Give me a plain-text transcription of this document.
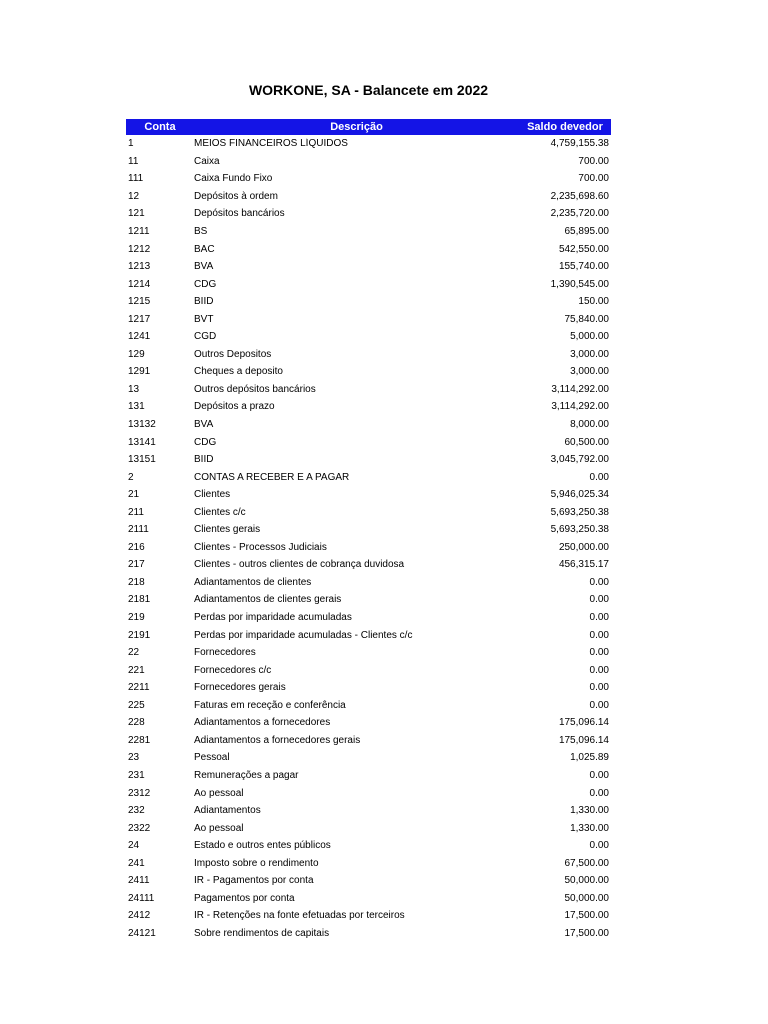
WORKONE, SA - Balancete em 2022
Conta	Descrição	Saldo devedor
1	MEIOS FINANCEIROS LÍQUIDOS	4,759,155.38
11	Caixa	700.00
111	Caixa Fundo Fixo	700.00
12	Depósitos à ordem	2,235,698.60
121	Depósitos bancários	2,235,720.00
1211	BS	65,895.00
1212	BAC	542,550.00
1213	BVA	155,740.00
1214	CDG	1,390,545.00
1215	BIID	150.00
1217	BVT	75,840.00
1241	CGD	5,000.00
129	Outros Depositos	3,000.00
1291	Cheques a deposito	3,000.00
13	Outros depósitos bancários	3,114,292.00
131	Depósitos a prazo	3,114,292.00
13132	BVA	8,000.00
13141	CDG	60,500.00
13151	BIID	3,045,792.00
2	CONTAS A RECEBER E A PAGAR	0.00
21	Clientes	5,946,025.34
211	Clientes c/c	5,693,250.38
2111	Clientes gerais	5,693,250.38
216	Clientes - Processos Judiciais	250,000.00
217	Clientes - outros clientes de cobrança duvidosa	456,315.17
218	Adiantamentos de clientes	0.00
2181	Adiantamentos de clientes gerais	0.00
219	Perdas por imparidade acumuladas	0.00
2191	Perdas por imparidade acumuladas - Clientes c/c	0.00
22	Fornecedores	0.00
221	Fornecedores c/c	0.00
2211	Fornecedores gerais	0.00
225	Faturas em receção e conferência	0.00
228	Adiantamentos a fornecedores	175,096.14
2281	Adiantamentos a fornecedores gerais	175,096.14
23	Pessoal	1,025.89
231	Remunerações a pagar	0.00
2312	Ao pessoal	0.00
232	Adiantamentos	1,330.00
2322	Ao pessoal	1,330.00
24	Estado e outros entes públicos	0.00
241	Imposto sobre o rendimento	67,500.00
2411	IR - Pagamentos por conta	50,000.00
24111	Pagamentos por conta	50,000.00
2412	IR - Retenções na fonte efetuadas por terceiros	17,500.00
24121	Sobre rendimentos de capitais	17,500.00
